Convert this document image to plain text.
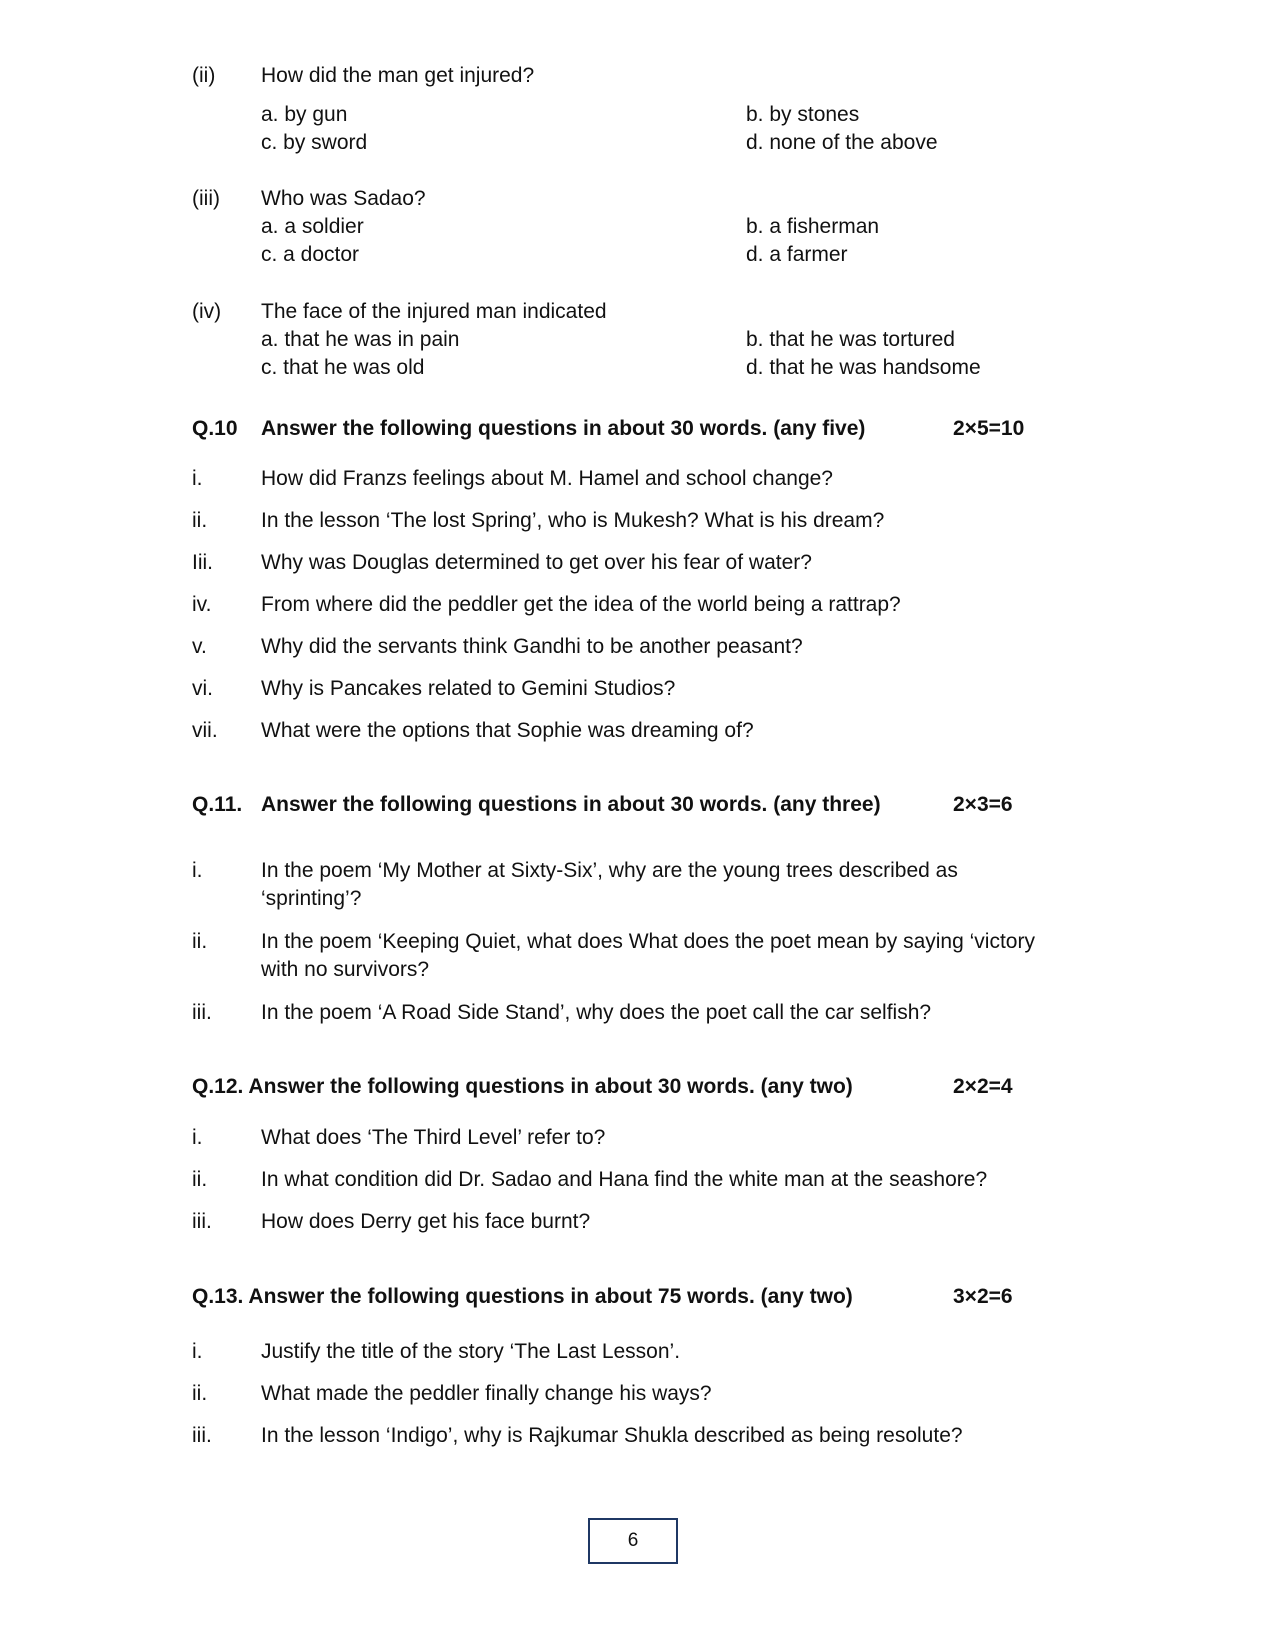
(ii) How did the man get injured?
a. by gun	b. by stones
c. by sword	d. none of the above
(iii) Who was Sadao?
a. a soldier	b. a fisherman
c. a doctor	d. a farmer
(iv) The face of the injured man indicated
a. that he was in pain	b. that he was tortured
c. that he was old	d. that he was handsome
Q.10 Answer the following questions in about 30 words. (any five)	2×5=10
i.	How did Franzs feelings about M. Hamel and school change?
ii.	In the lesson ‘The lost Spring’, who is Mukesh? What is his dream?
Iii. Why was Douglas determined to get over his fear of water?
iv. From where did the peddler get the idea of the world being a rattrap?
v.	Why did the servants think Gandhi to be another peasant?
vi. Why is Pancakes related to Gemini Studios?
vii. What were the options that Sophie was dreaming of?
Q.11. Answer the following questions in about 30 words. (any three)	2×3=6
i.	In the poem ‘My Mother at Sixty-Six’, why are the young trees described as ‘sprinting’?
ii.	In the poem ‘Keeping Quiet, what does What does the poet mean by saying ‘victory with no survivors?
iii. In the poem ‘A Road Side Stand’, why does the poet call the car selfish?
Q.12. Answer the following questions in about 30 words. (any two)	2×2=4
i.	What does ‘The Third Level’ refer to?
ii.	In what condition did Dr. Sadao and Hana find the white man at the seashore?
iii. How does Derry get his face burnt?
Q.13. Answer the following questions in about 75 words. (any two)	3×2=6
i.	Justify the title of the story ‘The Last Lesson’.
ii.	What made the peddler finally change his ways?
iii. In the lesson ‘Indigo’, why is Rajkumar Shukla described as being resolute?
6
